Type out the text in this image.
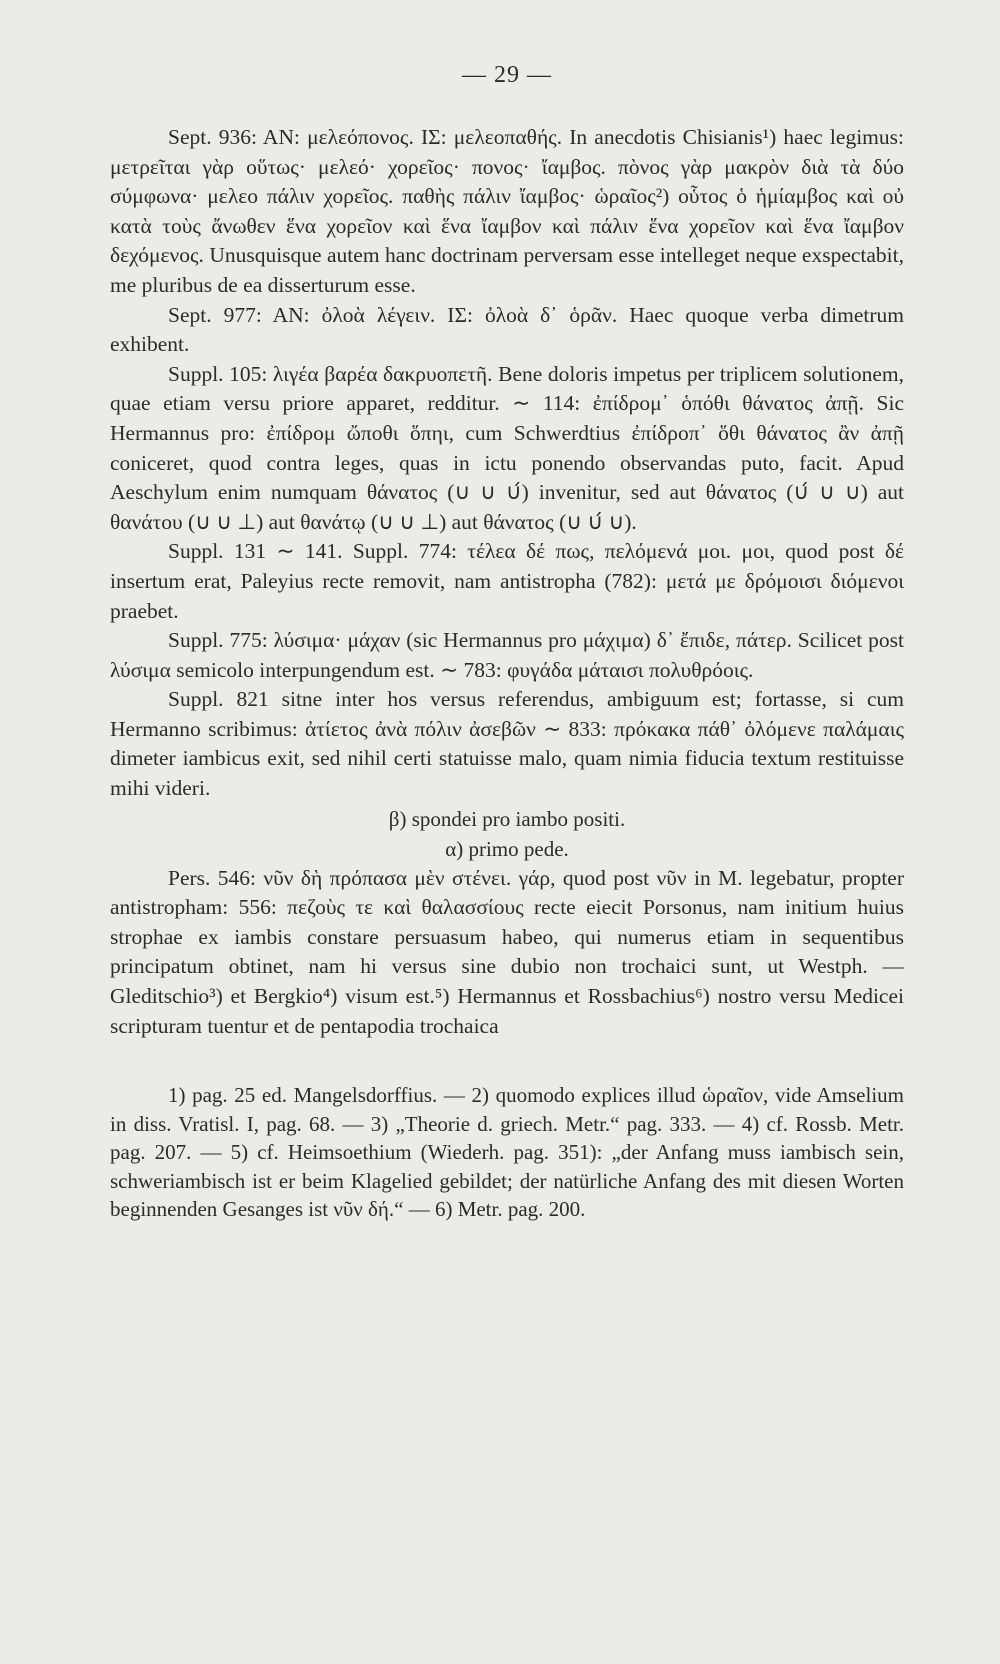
— 29 —

Sept. 936: AN: μελεόπονος. ΙΣ: μελεοπαθής. In anecdotis Chisianis¹) haec legimus: μετρεῖται γὰρ οὕτως· μελεό· χορεῖος· πονος· ἴαμβος. πὸνος γὰρ μακρὸν διὰ τὰ δύο σύμφωνα· μελεο πάλιν χορεῖος. παθὴς πάλιν ἴαμβος· ὡραῖος²) οὗτος ὁ ἡμίαμβος καὶ οὐ κατὰ τοὺς ἄνωθεν ἕνα χορεῖον καὶ ἕνα ἴαμβον καὶ πάλιν ἕνα χορεῖον καὶ ἕνα ἴαμβον δεχόμενος. Unusquisque autem hanc doctrinam perversam esse intelleget neque exspectabit, me pluribus de ea disserturum esse.

Sept. 977: AN: ὀλοὰ λέγειν. ΙΣ: ὀλοὰ δ᾽ ὁρᾶν. Haec quoque verba dimetrum exhibent.

Suppl. 105: λιγέα βαρέα δακρυοπετῆ. Bene doloris impetus per triplicem solutionem, quae etiam versu priore apparet, redditur. ∼ 114: ἐπίδρομ᾽ ὁπόθι θάνατος ἀπῇ. Sic Hermannus pro: ἐπίδρομ ὤποθι ὅπηι, cum Schwerdtius ἐπίδροπ᾽ ὅθι θάνατος ἂν ἀπῇ coniceret, quod contra leges, quas in ictu ponendo observandas puto, facit. Apud Aeschylum enim numquam θάνατος (∪ ∪ ∪́) invenitur, sed aut θάνατος (∪́ ∪ ∪) aut θανάτου (∪ ∪ ⊥) aut θανάτῳ (∪ ∪ ⊥) aut θάνατος (∪ ∪́ ∪).

Suppl. 131 ∼ 141. Suppl. 774: τέλεα δέ πως, πελόμενά μοι. μοι, quod post δέ insertum erat, Paleyius recte removit, nam antistropha (782): μετά με δρόμοισι διόμενοι praebet.

Suppl. 775: λύσιμα· μάχαν (sic Hermannus pro μάχιμα) δ᾽ ἔπιδε, πάτερ. Scilicet post λύσιμα semicolo interpungendum est. ∼ 783: φυγάδα μάταισι πολυθρόοις.

Suppl. 821 sitne inter hos versus referendus, ambiguum est; fortasse, si cum Hermanno scribimus: ἀτίετος ἀνὰ πόλιν ἀσεβῶν ∼ 833: πρόκακα πάθ᾽ ὀλόμενε παλάμαις dimeter iambicus exit, sed nihil certi statuisse malo, quam nimia fiducia textum restituisse mihi videri.

β) spondei pro iambo positi.

α) primo pede.

Pers. 546: νῦν δὴ πρόπασα μὲν στένει. γάρ, quod post νῦν in M. legebatur, propter antistropham: 556: πεζοὺς τε καὶ θαλασσίους recte eiecit Porsonus, nam initium huius strophae ex iambis constare persuasum habeo, qui numerus etiam in sequentibus principatum obtinet, nam hi versus sine dubio non trochaici sunt, ut Westph. — Gleditschio³) et Bergkio⁴) visum est.⁵) Hermannus et Rossbachius⁶) nostro versu Medicei scripturam tuentur et de pentapodia trochaica

1) pag. 25 ed. Mangelsdorffius. — 2) quomodo explices illud ὡραῖον, vide Amselium in diss. Vratisl. I, pag. 68. — 3) „Theorie d. griech. Metr.“ pag. 333. — 4) cf. Rossb. Metr. pag. 207. — 5) cf. Heimsoethium (Wiederh. pag. 351): „der Anfang muss iambisch sein, schweriambisch ist er beim Klagelied gebildet; der natürliche Anfang des mit diesen Worten beginnenden Gesanges ist νῦν δή.“ — 6) Metr. pag. 200.
